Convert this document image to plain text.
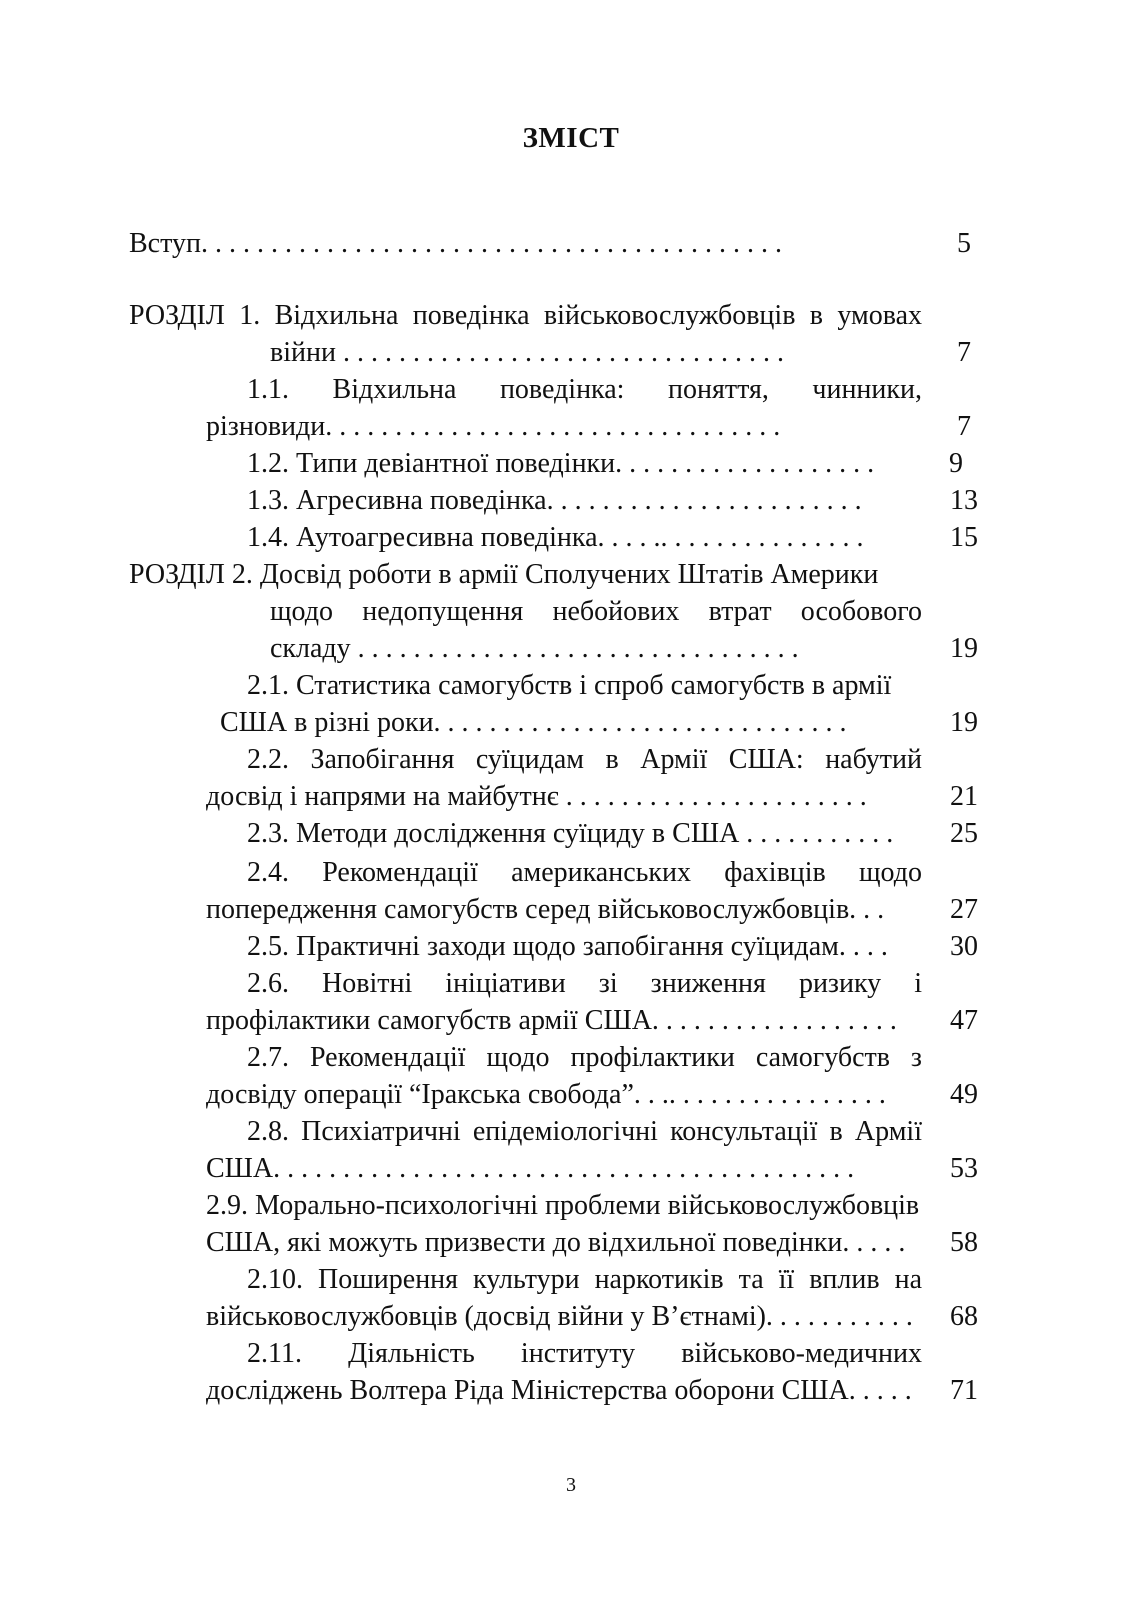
ЗМІСТ
Вступ. . . . . . . . . . . . . . . . . . . . . . . . . . . . . . . . . . . . . . . . . .	5
РОЗДІЛ 1. Відхильна поведінка військовослужбовців в умовах
війни . . . . . . . . . . . . . . . . . . . . . . . . . . . . . . . .	7
1.1. Відхильна поведінка: поняття, чинники,
різновиди. . . . . . . . . . . . . . . . . . . . . . . . . . . . . . . . .	7
1.2. Типи девіантної поведінки. . . . . . . . . . . . . . . . . . .	9
1.3. Агресивна поведінка. . . . . . . . . . . . . . . . . . . . . . .	13
1.4. Аутоагресивна поведінка. . . . .. . . . . . . . . . . . . . .	15
РОЗДІЛ 2. Досвід роботи в армії Сполучених Штатів Америки
щодо недопущення небойових втрат особового
складу . . . . . . . . . . . . . . . . . . . . . . . . . . . . . . . .	19
2.1. Статистика самогубств і спроб самогубств в армії
США в різні роки. . . . . . . . . . . . . . . . . . . . . . . . . . . . . .	19
2.2. Запобігання суїцидам в Армії США: набутий
досвід і напрями на майбутнє . . . . . . . . . . . . . . . . . . . . . .	21
2.3. Методи дослідження суїциду в США . . . . . . . . . . .	25
2.4. Рекомендації американських фахівців щодо
попередження самогубств серед військовослужбовців. . .	27
2.5. Практичні заходи щодо запобігання суїцидам. . . .	30
2.6. Новітні ініціативи зі зниження ризику і
профілактики самогубств армії США. . . . . . . . . . . . . . . . . .	47
2.7. Рекомендації щодо профілактики самогубств з
досвіду операції “Іракська свобода”. . .. . . . . . . . . . . . . . . .	49
2.8. Психіатричні епідеміологічні консультації в Армії
США. . . . . . . . . . . . . . . . . . . . . . . . . . . . . . . . . . . . . . . . . .	53
2.9. Морально-психологічні проблеми військовослужбовців
США, які можуть призвести до відхильної поведінки. . . . .	58
2.10. Поширення культури наркотиків та її вплив на
військовослужбовців (досвід війни у В’єтнамі). . . . . . . . . . .	68
2.11. Діяльність інституту військово-медичних
досліджень Волтера Ріда Міністерства оборони США. . . . .	71
3
